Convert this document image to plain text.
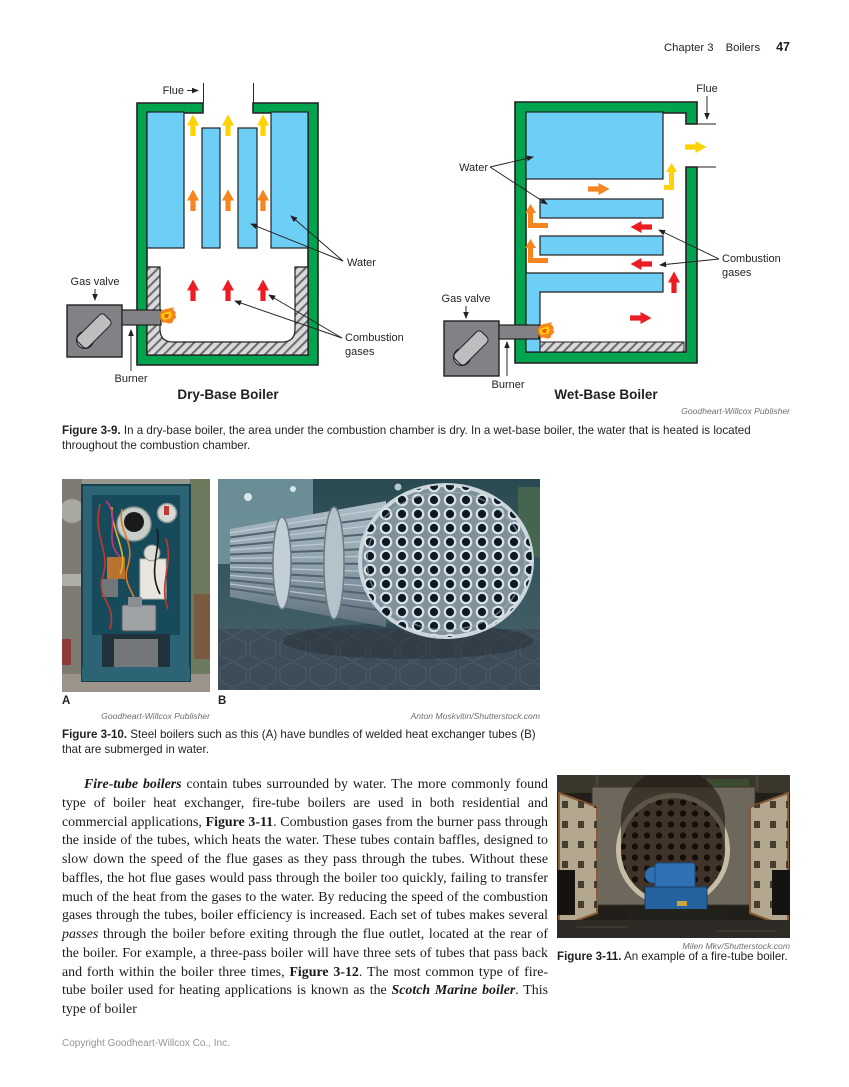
Chapter 3 Boilers 47
Flue
Gas valve
Burner
Water
Combustion
gases
Dry-Base Boiler
Flue
Water
Combustion
gases
Gas valve
Burner
Wet-Base Boiler
Goodheart-Willcox Publisher
Figure 3-9. In a dry-base boiler, the area under the combustion chamber is dry. In a wet-base boiler, the water that is heated is located throughout the combustion chamber.
A	B
Goodheart-Willcox Publisher	Anton Moskvitin/Shutterstock.com
Figure 3-10. Steel boilers such as this (A) have bundles of welded heat exchanger tubes (B) that are submerged in water.
Fire-tube boilers contain tubes surrounded by water. The more commonly found type of boiler heat exchanger, fire-tube boilers are used in both residential and commercial applications, Figure 3-11. Combustion gases from the burner pass through the inside of the tubes, which heats the water. These tubes contain baffles, designed to slow down the speed of the flue gases as they pass through the tubes. Without these baffles, the hot flue gases would pass through the boiler too quickly, failing to transfer much of the heat from the gases to the water. By reducing the speed of the combustion gases through the tubes, boiler efficiency is increased. Each set of tubes makes several passes through the boiler before exiting through the flue outlet, located at the rear of the boiler. For example, a three-pass boiler will have three sets of tubes that pass back and forth within the boiler three times, Figure 3-12. The most common type of fire-tube boiler used for heating applications is known as the Scotch Marine boiler. This type of boiler
Milen Mkv/Shutterstock.com
Figure 3-11. An example of a fire-tube boiler.
Copyright Goodheart-Willcox Co., Inc.
